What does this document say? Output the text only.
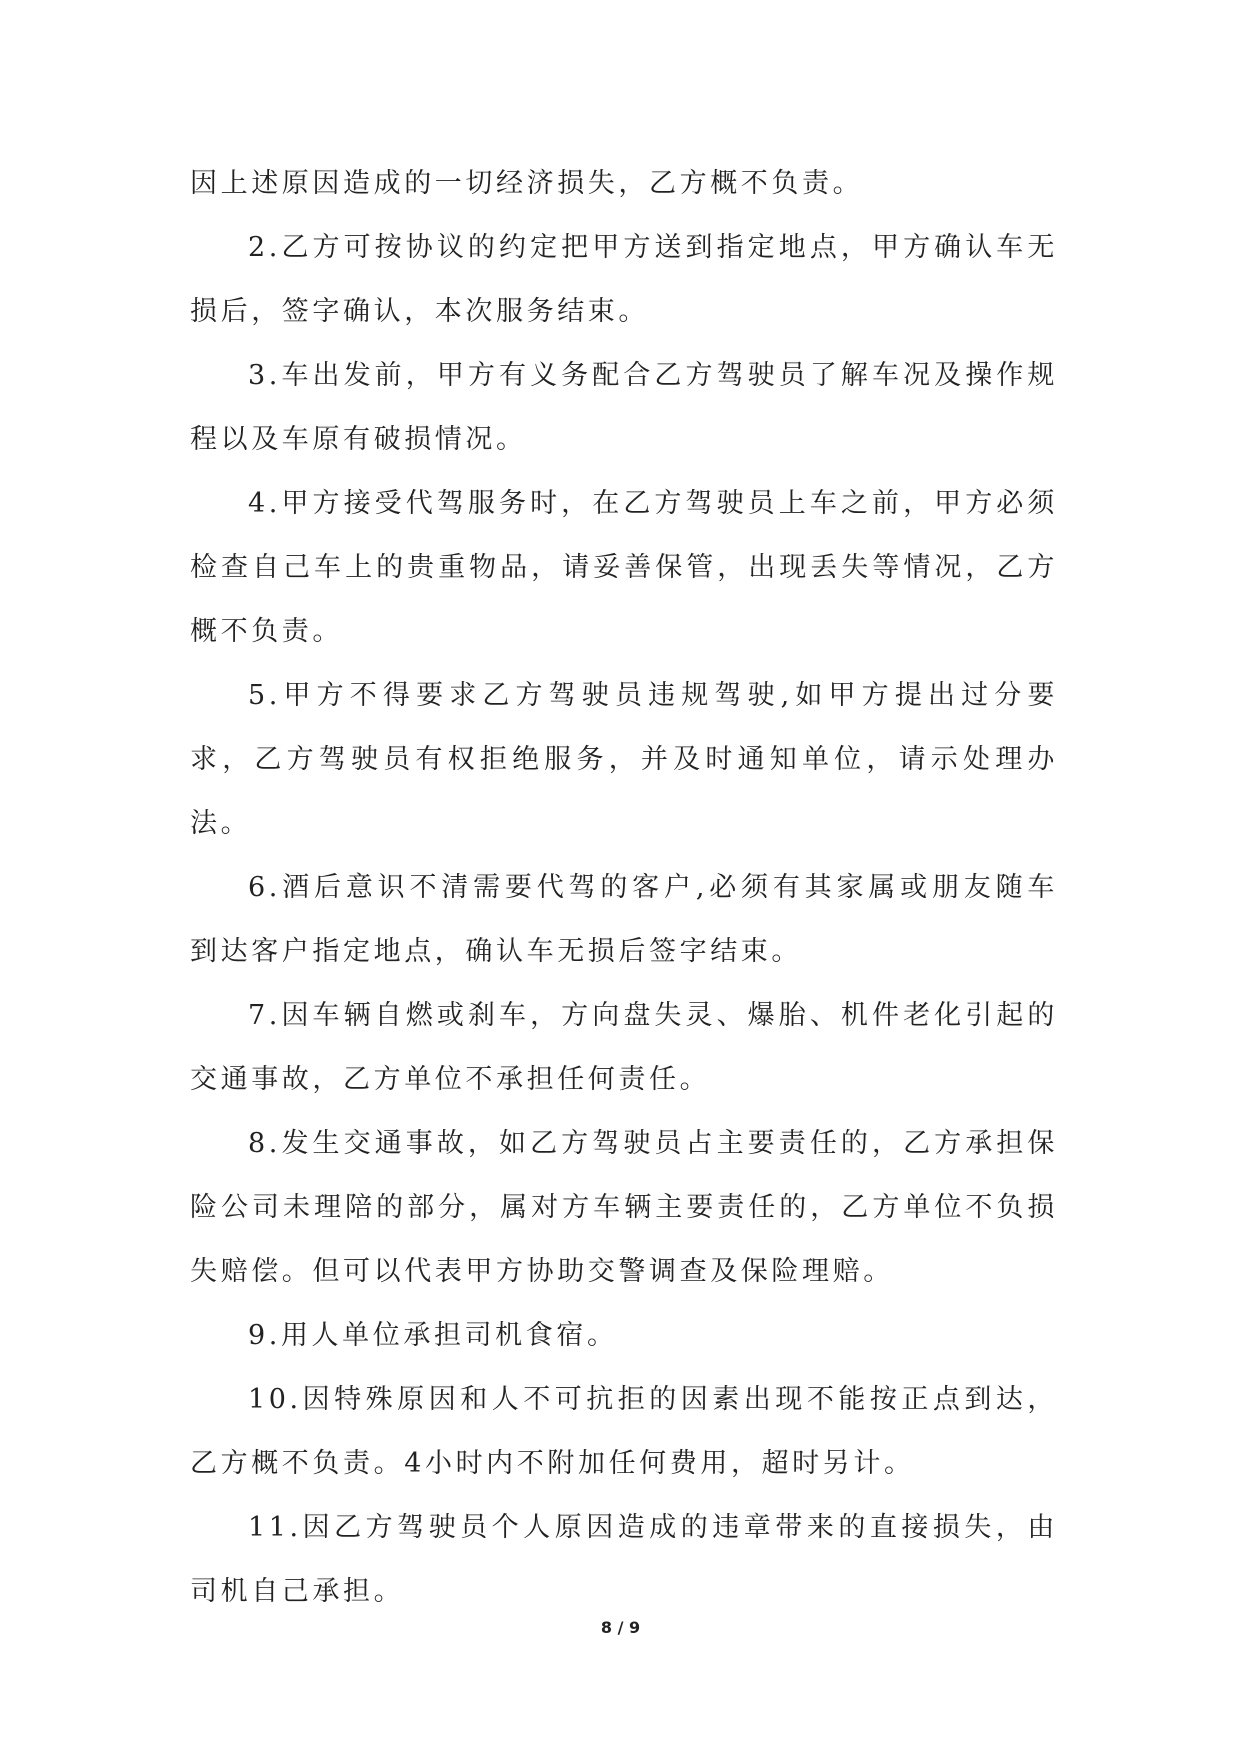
因上述原因造成的一切经济损失，乙方概不负责。

2.乙方可按协议的约定把甲方送到指定地点，甲方确认车无损后，签字确认，本次服务结束。

3.车出发前，甲方有义务配合乙方驾驶员了解车况及操作规程以及车原有破损情况。

4.甲方接受代驾服务时，在乙方驾驶员上车之前，甲方必须检查自己车上的贵重物品，请妥善保管，出现丢失等情况，乙方概不负责。

5.甲方不得要求乙方驾驶员违规驾驶,如甲方提出过分要求，乙方驾驶员有权拒绝服务，并及时通知单位，请示处理办法。

6.酒后意识不清需要代驾的客户,必须有其家属或朋友随车到达客户指定地点，确认车无损后签字结束。

7.因车辆自燃或刹车，方向盘失灵、爆胎、机件老化引起的交通事故，乙方单位不承担任何责任。

8.发生交通事故，如乙方驾驶员占主要责任的，乙方承担保险公司未理陪的部分，属对方车辆主要责任的，乙方单位不负损失赔偿。但可以代表甲方协助交警调查及保险理赔。

9.用人单位承担司机食宿。

10.因特殊原因和人不可抗拒的因素出现不能按正点到达，乙方概不负责。4小时内不附加任何费用，超时另计。

11.因乙方驾驶员个人原因造成的违章带来的直接损失，由司机自己承担。

8 / 9
